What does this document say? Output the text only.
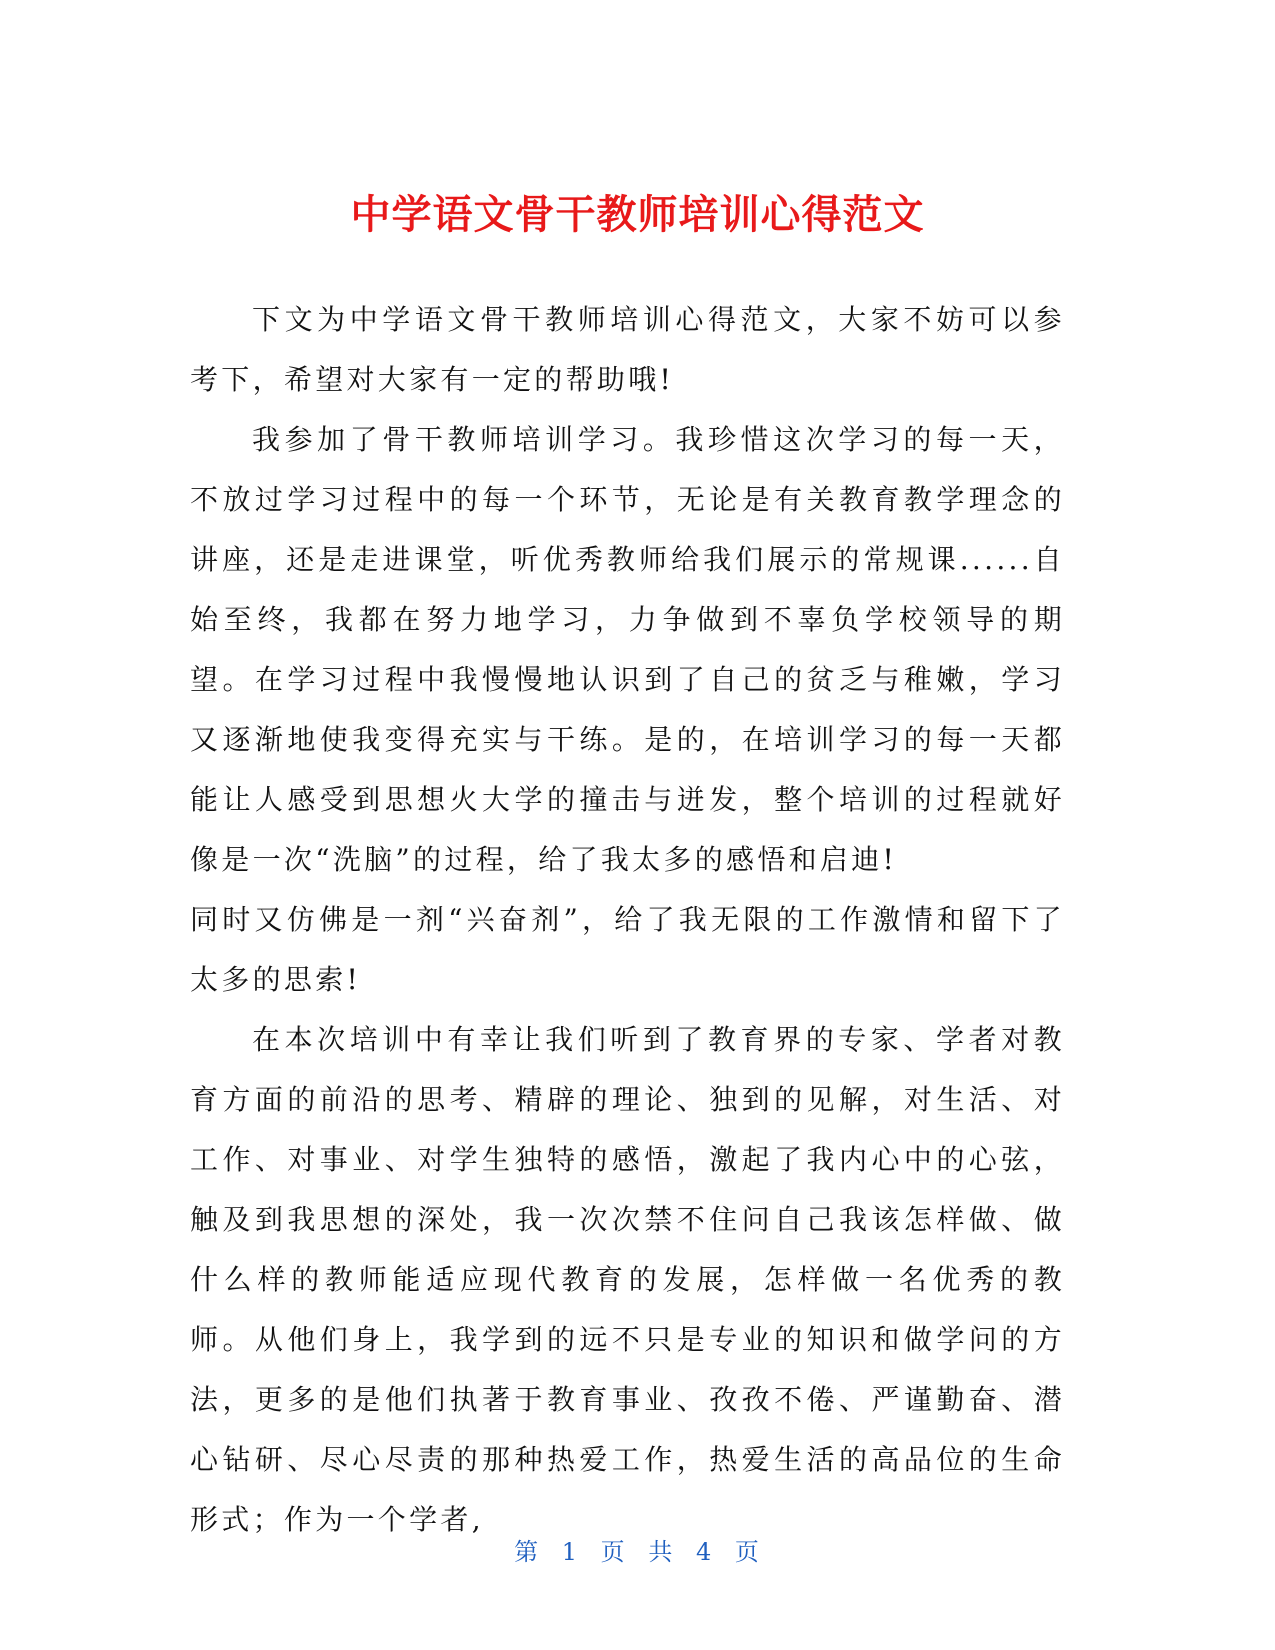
中学语文骨干教师培训心得范文

下文为中学语文骨干教师培训心得范文，大家不妨可以参考下，希望对大家有一定的帮助哦!

我参加了骨干教师培训学习。我珍惜这次学习的每一天，不放过学习过程中的每一个环节，无论是有关教育教学理念的讲座，还是走进课堂，听优秀教师给我们展示的常规课......自始至终，我都在努力地学习，力争做到不辜负学校领导的期望。在学习过程中我慢慢地认识到了自己的贫乏与稚嫩，学习又逐渐地使我变得充实与干练。是的，在培训学习的每一天都能让人感受到思想火大学的撞击与迸发，整个培训的过程就好像是一次“洗脑”的过程，给了我太多的感悟和启迪!

同时又仿佛是一剂“兴奋剂”，给了我无限的工作激情和留下了太多的思索!

在本次培训中有幸让我们听到了教育界的专家、学者对教育方面的前沿的思考、精辟的理论、独到的见解，对生活、对工作、对事业、对学生独特的感悟，激起了我内心中的心弦，触及到我思想的深处，我一次次禁不住问自己我该怎样做、做什么样的教师能适应现代教育的发展，怎样做一名优秀的教师。从他们身上，我学到的远不只是专业的知识和做学问的方法，更多的是他们执著于教育事业、孜孜不倦、严谨勤奋、潜心钻研、尽心尽责的那种热爱工作，热爱生活的高品位的生命形式；作为一个学者,

第 1 页 共 4 页
